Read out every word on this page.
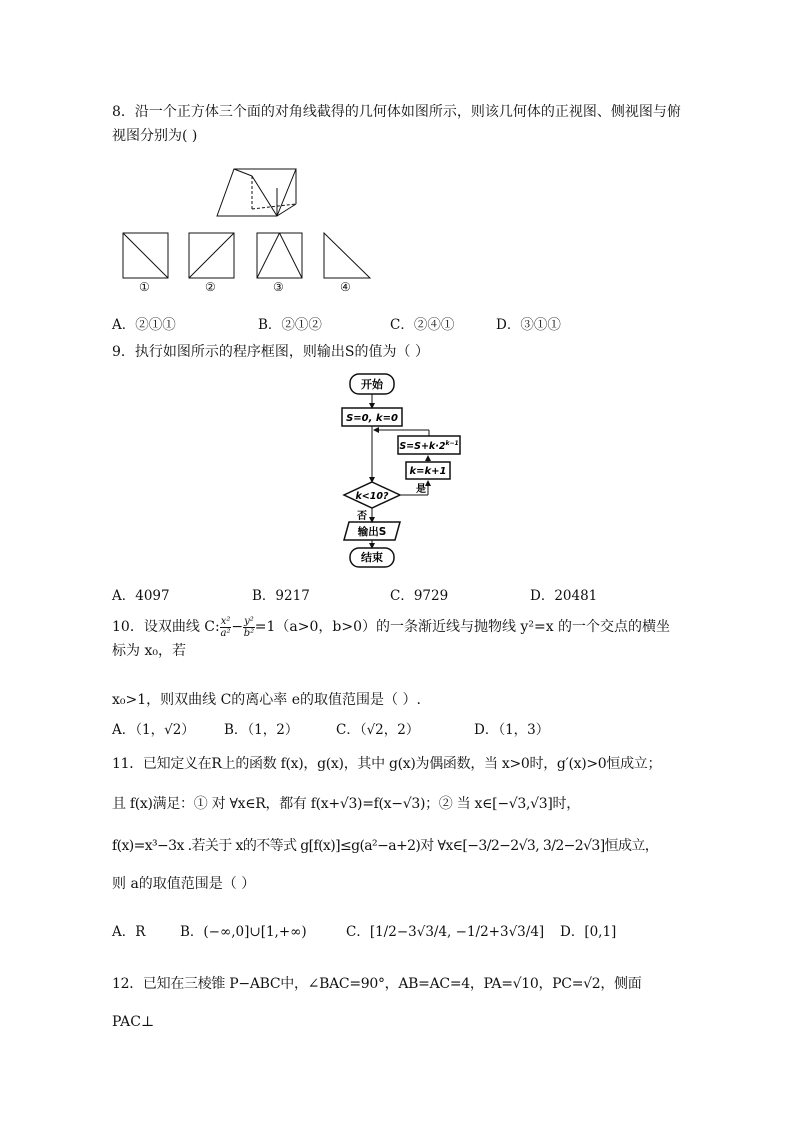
8．沿一个正方体三个面的对角线截得的几何体如图所示，则该几何体的正视图、侧视图与俯视图分别为( )
①	②	③	④
A．②①①	B．②①②	C．②④①	D．③①①
9．执行如图所示的程序框图，则输出S的值为（ ）
开始
S=0, k=0
$S=S+k\cdot 2^{k-1}$
k=k+1
k<10?
是
否
输出S
结束
A．4097	B．9217	C．9729	D．20481
10．设双曲线 C: $\frac{\text{x²}}{\text{a²}} - \frac{\text{y²}}{\text{b²}} =1(a>0$，b>0）的一条渐近线与抛物线 y²=x 的一个交点的横坐标为 x₀，若
x₀>1，则双曲线 C的离心率 e的取值范围是（ ）.
A．（1，√2） B．（1，2）	C．（√2，2）	D．（1，3）
11．已知定义在R上的函数 f(x)，g(x)，其中 g(x)为偶函数，当 x>0时，g′(x)>0恒成立；
且 f(x)满足：① 对 ∀x∈R，都有 f(x+√3)=f(x−√3)；② 当 x∈[−√3,√3]时，
f(x)=x³−3x .若关于 x的不等式 g[f(x)]≤g(a²−a+2)对 ∀x∈[−3/2−2√3, 3/2−2√3]恒成立，
则 a的取值范围是（ ）
A．R	B．(−∞,0]∪[1,+∞)	C．[1/2−3√3/4, −1/2+3√3/4] D．[0,1]
12．已知在三棱锥 P−ABC中，∠BAC=90°，AB=AC=4，PA=√10，PC=√2，侧面
PAC⊥
